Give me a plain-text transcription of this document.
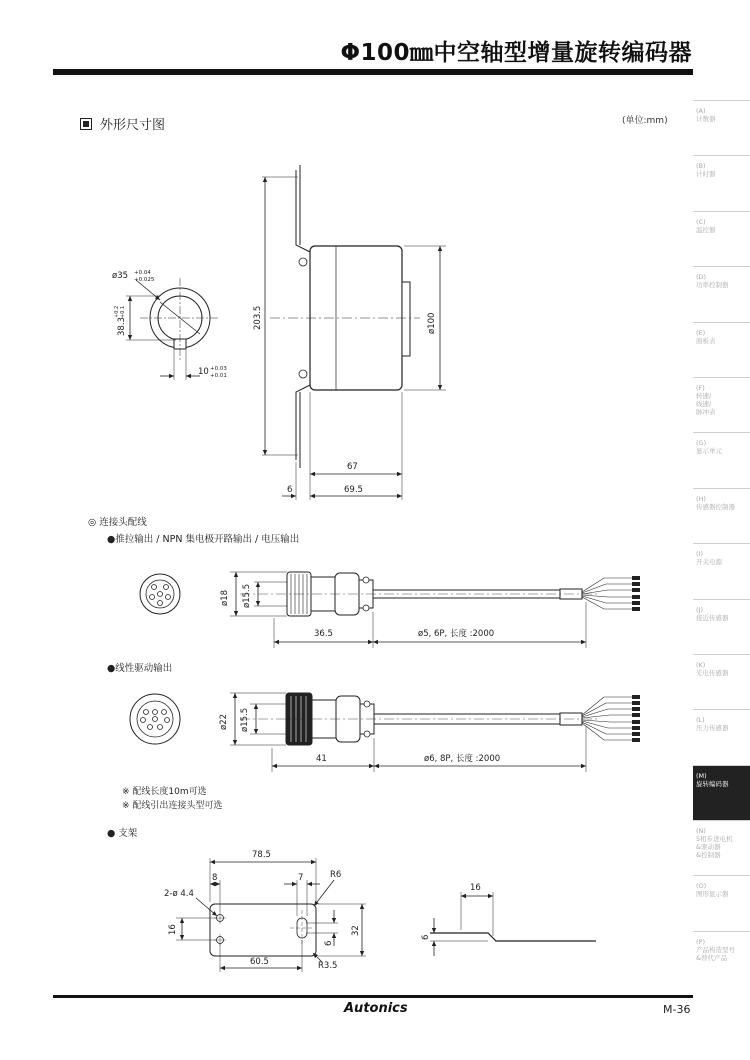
Φ100㎜中空轴型增量旋转编码器
外形尺寸图	(单位:mm)
(A)
计数器
(B)
计时器
(C)
温控器
(D)
功率控制器
(E)
面板表
(F)
转速/
线速/
脉冲表
(G)
显示单元
(H)
传感器控制器
(I)
开关电源
(J)
接近传感器
(K)
光电传感器
(L)
压力传感器
(M)
旋转编码器
(N)
5相步进电机
&驱动器
&控制器
(O)
图形显示器
(P)
产品构造型号
&替代产品
ø35 +0.04
+0.025
38.3
+0.2 +0.1
10 +0.03
+0.01
203.5	ø100
67
6	69.5
ø18 ø15.5
36.5	ø5, 6P, 长度 :2000
ø22 ø15.5
41	ø6, 8P, 长度 :2000
78.5
8	7	R6
2-ø 4.4
16
6
32
60.5	R3.5
16
6
◎ 连接头配线
●推拉输出 / NPN 集电极开路输出 / 电压输出
●线性驱动输出
※ 配线长度10m可选
※ 配线引出连接头型可选
● 支架
Autonics	M-36
